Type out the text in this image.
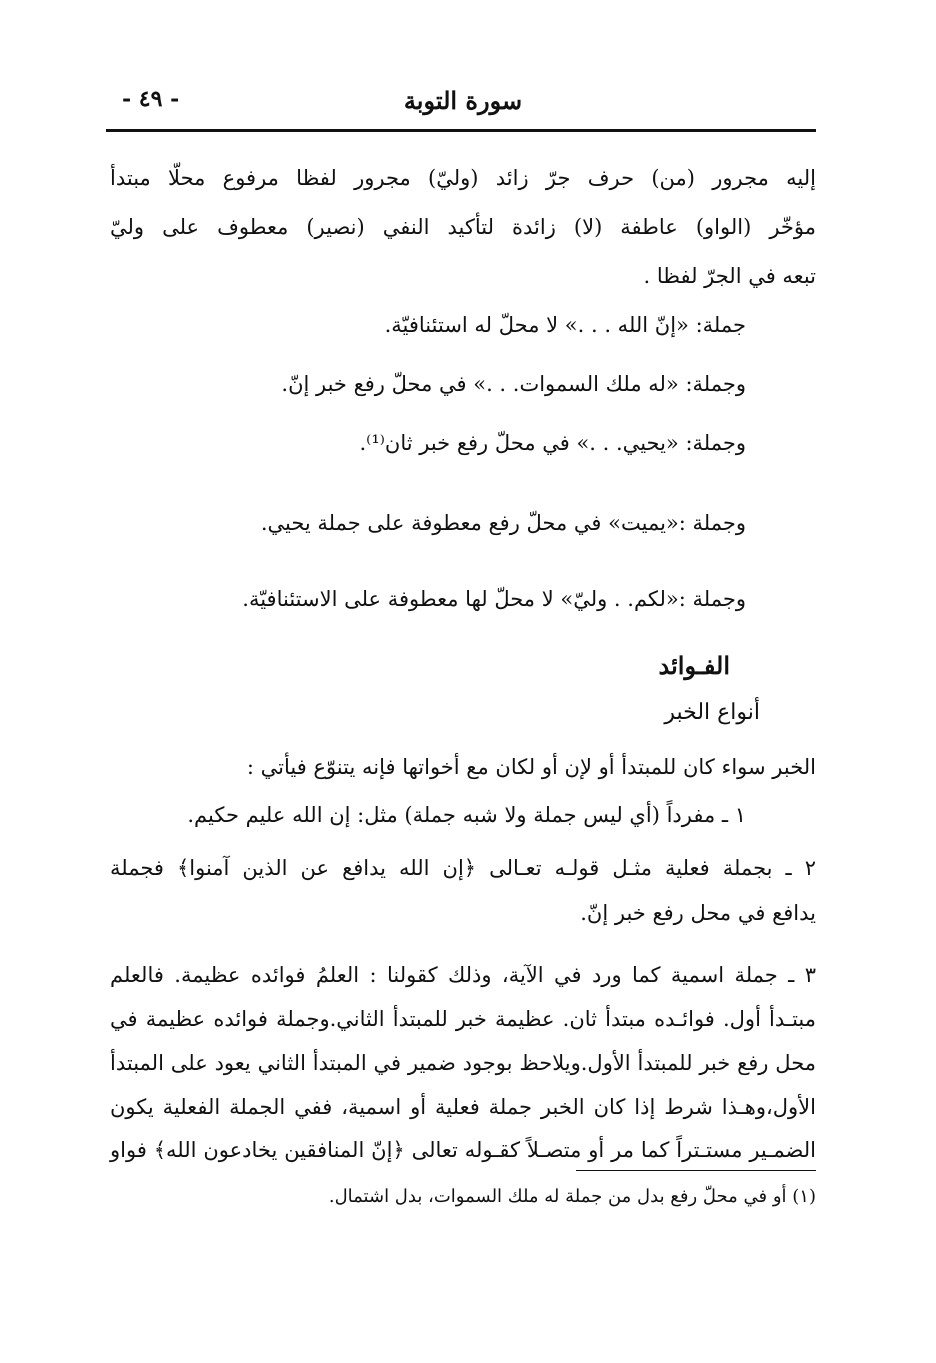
سورة التوبة
- ٤٩ -
إليه مجرور (من) حرف جرّ زائد (وليّ) مجرور لفظا مرفوع محلّا مبتدأ
مؤخّر (الواو) عاطفة (لا) زائدة لتأكيد النفي (نصير) معطوف على وليّ
تبعه في الجرّ لفظا .
جملة: «إنّ الله . . .» لا محلّ له استئنافيّة.
وجملة: «له ملك السموات. . .» في محلّ رفع خبر إنّ.
وجملة: «يحيي. . .» في محلّ رفع خبر ثان⁽¹⁾.
وجملة :«يميت» في محلّ رفع معطوفة على جملة يحيي.
وجملة :«لكم. . وليّ» لا محلّ لها معطوفة على الاستئنافيّة.
الفـوائد
أنواع الخبر
الخبر سواء كان للمبتدأ أو لإن أو لكان مع أخواتها فإنه يتنوّع فيأتي :
١ ـ مفرداً (أي ليس جملة ولا شبه جملة) مثل: إن الله عليم حكيم.
٢ ـ بجملة فعلية مثـل قولـه تعـالى ﴿إن الله يدافع عن الذين آمنوا﴾ فجملة
يدافع في محل رفع خبر إنّ.
٣ ـ جملة اسمية كما ورد في الآية، وذلك كقولنا : العلمُ فوائده عظيمة. فالعلم
مبتـدأ أول. فوائـده مبتدأ ثان. عظيمة خبر للمبتدأ الثاني.وجملة فوائده عظيمة في
محل رفع خبر للمبتدأ الأول.ويلاحظ بوجود ضمير في المبتدأ الثاني يعود على المبتدأ
الأول،وهـذا شرط إذا كان الخبر جملة فعلية أو اسمية، ففي الجملة الفعلية يكون
الضمـير مستـتراً كما مر أو متصـلاً كقـوله تعالى ﴿إنّ المنافقين يخادعون الله﴾ فواو
(١) أو في محلّ رفع بدل من جملة له ملك السموات، بدل اشتمال.
